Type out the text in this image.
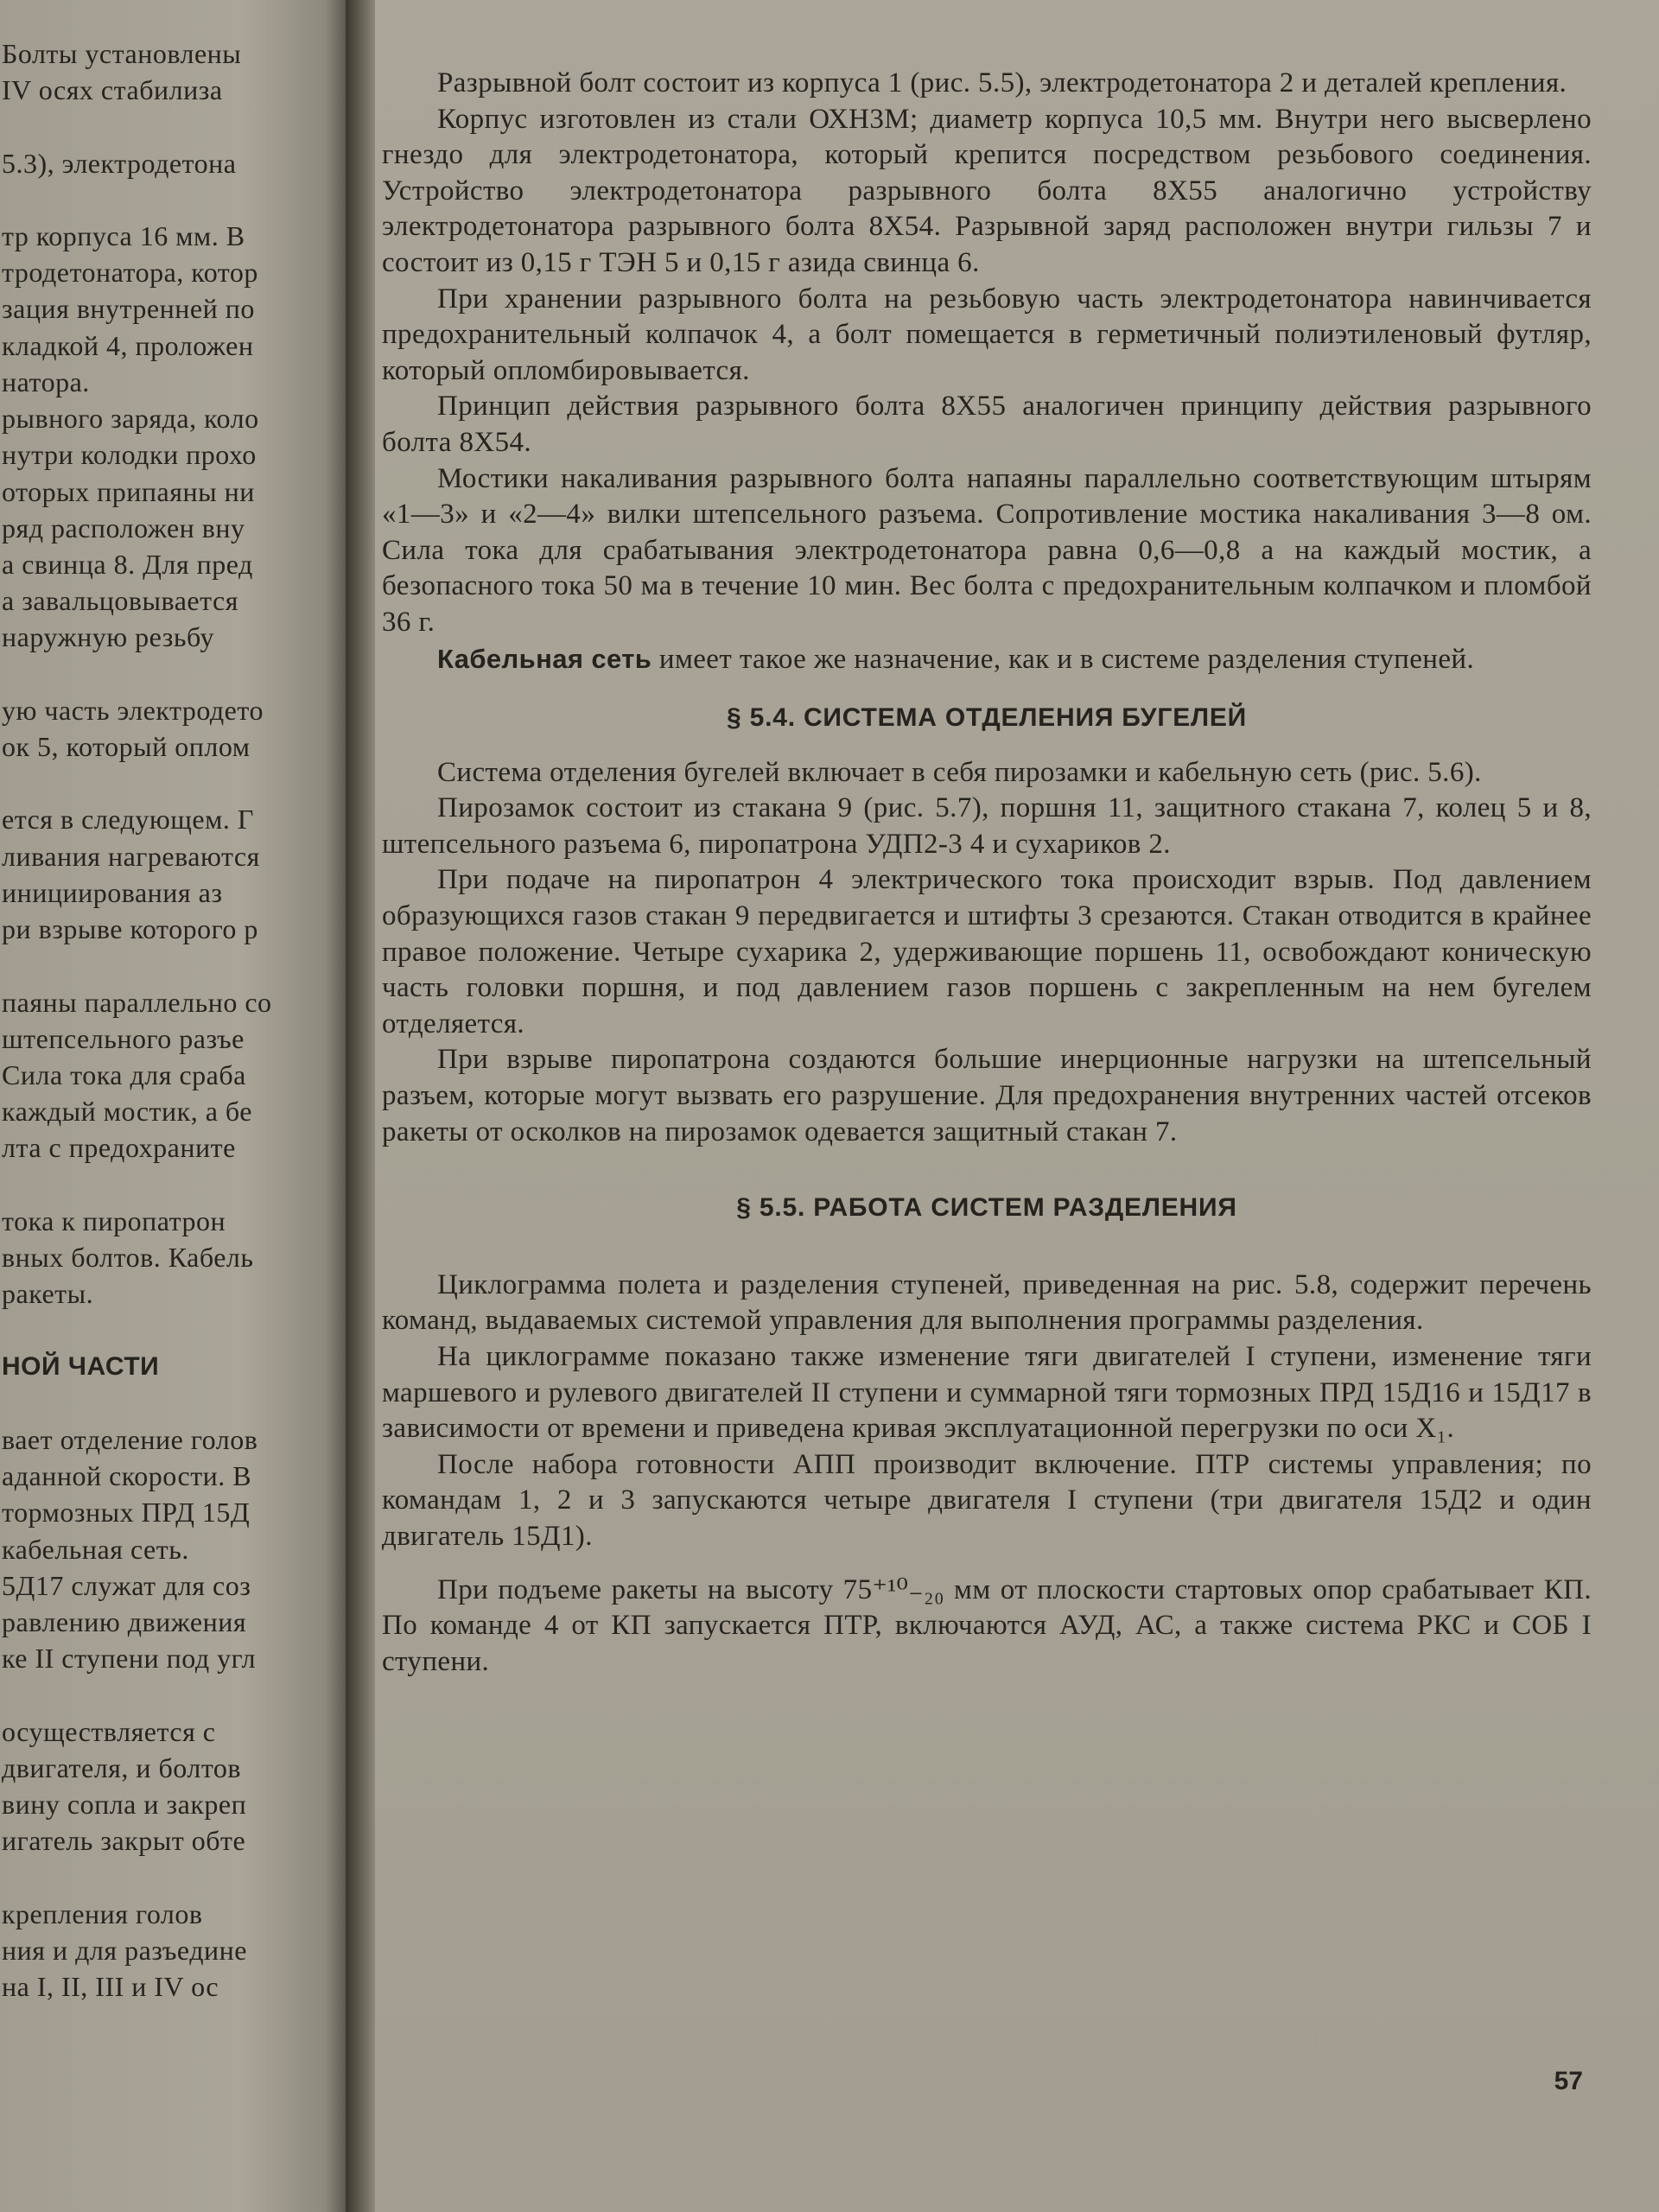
Болты установлены
IV осях стабилиза
5.3), электродетона
тр корпуса 16 мм. В
тродетонатора, котор
зация внутренней по
кладкой 4, проложен
натора.
рывного заряда, коло
нутри колодки прохо
оторых припаяны ни
ряд расположен вну
а свинца 8. Для пред
а завальцовывается
наружную резьбу
ую часть электродето
ок 5, который оплом
ется в следующем. Г
ливания нагреваются
инициирования аз
ри взрыве которого р
паяны параллельно со
штепсельного разъе
Сила тока для сраба
каждый мостик, а бе
лта с предохраните
тока к пиропатрон
вных болтов. Кабель
ракеты.
НОЙ ЧАСТИ
вает отделение голов
аданной скорости. В
тормозных ПРД 15Д
кабельная сеть.
5Д17 служат для соз
равлению движения
ке II ступени под угл
осуществляется с
двигателя, и болтов
вину сопла и закреп
игатель закрыт обте
крепления голов
ния и для разъедине
на I, II, III и IV ос

Разрывной болт состоит из корпуса 1 (рис. 5.5), электродетонатора 2 и деталей крепления.

Корпус изготовлен из стали ОХН3М; диаметр корпуса 10,5 мм. Внутри него высверлено гнездо для электродетонатора, который крепится посредством резьбового соединения. Устройство электродетонатора разрывного болта 8Х55 аналогично устройству электродетонатора разрывного болта 8Х54. Разрывной заряд расположен внутри гильзы 7 и состоит из 0,15 г ТЭН 5 и 0,15 г азида свинца 6.

При хранении разрывного болта на резьбовую часть электродетонатора навинчивается предохранительный колпачок 4, а болт помещается в герметичный полиэтиленовый футляр, который опломбировывается.

Принцип действия разрывного болта 8Х55 аналогичен принципу действия разрывного болта 8Х54.

Мостики накаливания разрывного болта напаяны параллельно соответствующим штырям «1—3» и «2—4» вилки штепсельного разъема. Сопротивление мостика накаливания 3—8 ом. Сила тока для срабатывания электродетонатора равна 0,6—0,8 а на каждый мостик, а безопасного тока 50 ма в течение 10 мин. Вес болта с предохранительным колпачком и пломбой 36 г.

Кабельная сеть имеет такое же назначение, как и в системе разделения ступеней.

§ 5.4. СИСТЕМА ОТДЕЛЕНИЯ БУГЕЛЕЙ

Система отделения бугелей включает в себя пирозамки и кабельную сеть (рис. 5.6).

Пирозамок состоит из стакана 9 (рис. 5.7), поршня 11, защитного стакана 7, колец 5 и 8, штепсельного разъема 6, пиропатрона УДП2-3 4 и сухариков 2.

При подаче на пиропатрон 4 электрического тока происходит взрыв. Под давлением образующихся газов стакан 9 передвигается и штифты 3 срезаются. Стакан отводится в крайнее правое положение. Четыре сухарика 2, удерживающие поршень 11, освобождают коническую часть головки поршня, и под давлением газов поршень с закрепленным на нем бугелем отделяется.

При взрыве пиропатрона создаются большие инерционные нагрузки на штепсельный разъем, которые могут вызвать его разрушение. Для предохранения внутренних частей отсеков ракеты от осколков на пирозамок одевается защитный стакан 7.

§ 5.5. РАБОТА СИСТЕМ РАЗДЕЛЕНИЯ

Циклограмма полета и разделения ступеней, приведенная на рис. 5.8, содержит перечень команд, выдаваемых системой управления для выполнения программы разделения.

На циклограмме показано также изменение тяги двигателей I ступени, изменение тяги маршевого и рулевого двигателей II ступени и суммарной тяги тормозных ПРД 15Д16 и 15Д17 в зависимости от времени и приведена кривая эксплуатационной перегрузки по оси X₁.

После набора готовности АПП производит включение. ПТР системы управления; по командам 1, 2 и 3 запускаются четыре двигателя I ступени (три двигателя 15Д2 и один двигатель 15Д1).

При подъеме ракеты на высоту 75⁺¹⁰₋₂₀ мм от плоскости стартовых опор срабатывает КП. По команде 4 от КП запускается ПТР, включаются АУД, АС, а также система РКС и СОБ I ступени.

57
